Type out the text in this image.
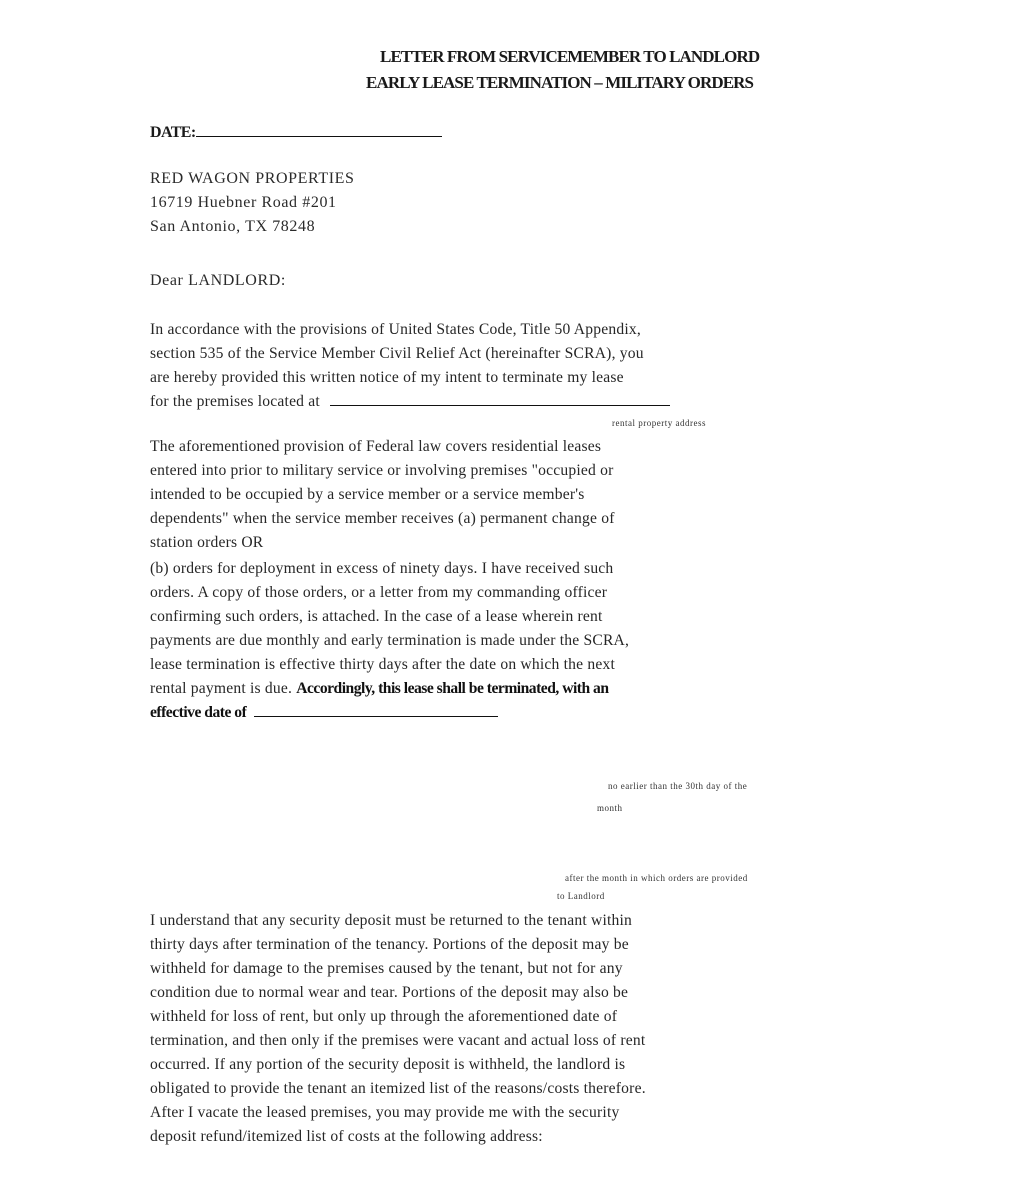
LETTER FROM SERVICEMEMBER TO LANDLORD
EARLY LEASE TERMINATION – MILITARY ORDERS
DATE:
RED WAGON PROPERTIES
16719 Huebner Road #201
San Antonio, TX 78248
Dear LANDLORD:
In accordance with the provisions of United States Code, Title 50 Appendix,
section 535 of the Service Member Civil Relief Act (hereinafter SCRA), you
are hereby provided this written notice of my intent to terminate my lease
for the premises located at
rental property address
The aforementioned provision of Federal law covers residential leases
entered into prior to military service or involving premises "occupied or
intended to be occupied by a service member or a service member's
dependents" when the service member receives (a) permanent change of
station orders OR
(b) orders for deployment in excess of ninety days. I have received such
orders. A copy of those orders, or a letter from my commanding officer
confirming such orders, is attached. In the case of a lease wherein rent
payments are due monthly and early termination is made under the SCRA,
lease termination is effective thirty days after the date on which the next
rental payment is due. Accordingly, this lease shall be terminated, with an
effective date of
no earlier than the 30th day of the
month
after the month in which orders are provided
to Landlord
I understand that any security deposit must be returned to the tenant within
thirty days after termination of the tenancy. Portions of the deposit may be
withheld for damage to the premises caused by the tenant, but not for any
condition due to normal wear and tear. Portions of the deposit may also be
withheld for loss of rent, but only up through the aforementioned date of
termination, and then only if the premises were vacant and actual loss of rent
occurred. If any portion of the security deposit is withheld, the landlord is
obligated to provide the tenant an itemized list of the reasons/costs therefore.
After I vacate the leased premises, you may provide me with the security
deposit refund/itemized list of costs at the following address:
